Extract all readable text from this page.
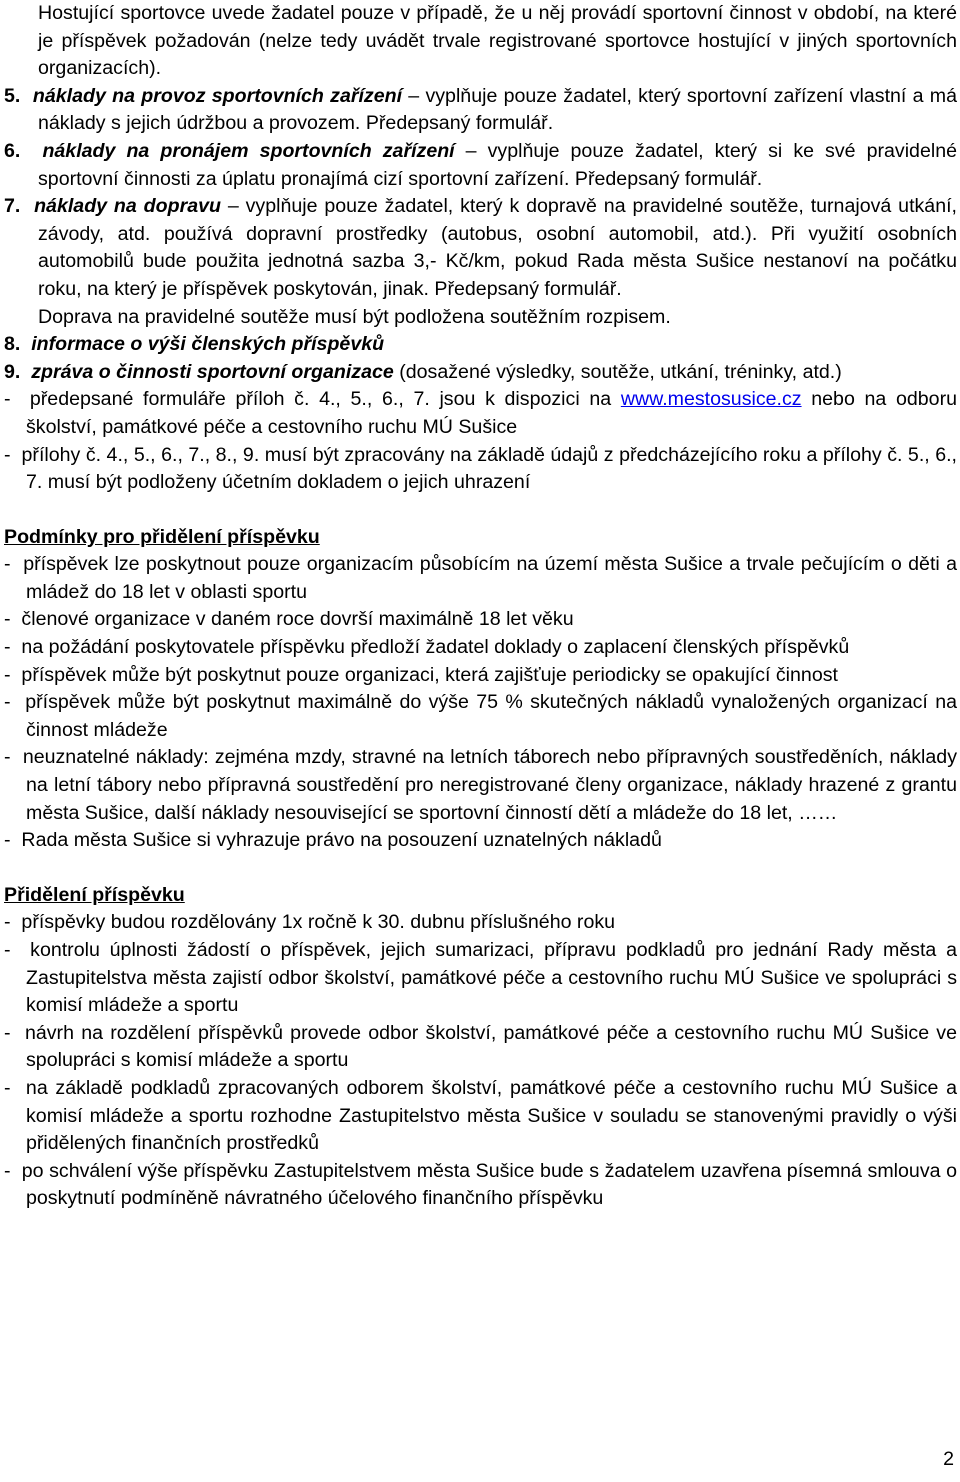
Hostující sportovce uvede žadatel pouze v případě, že u něj provádí sportovní činnost v období, na které je příspěvek požadován (nelze tedy uvádět trvale registrované sportovce hostující v jiných sportovních organizacích).

5. náklady na provoz sportovních zařízení – vyplňuje pouze žadatel, který sportovní zařízení vlastní a má náklady s jejich údržbou a provozem. Předepsaný formulář.

6. náklady na pronájem sportovních zařízení – vyplňuje pouze žadatel, který si ke své pravidelné sportovní činnosti za úplatu pronajímá cizí sportovní zařízení. Předepsaný formulář.

7. náklady na dopravu – vyplňuje pouze žadatel, který k dopravě na pravidelné soutěže, turnajová utkání, závody, atd. používá dopravní prostředky (autobus, osobní automobil, atd.). Při využití osobních automobilů bude použita jednotná sazba 3,- Kč/km, pokud Rada města Sušice nestanoví na počátku roku, na který je příspěvek poskytován, jinak. Předepsaný formulář.

Doprava na pravidelné soutěže musí být podložena soutěžním rozpisem.

8. informace o výši členských příspěvků

9. zpráva o činnosti sportovní organizace (dosažené výsledky, soutěže, utkání, tréninky, atd.)

-  předepsané formuláře příloh č. 4., 5., 6., 7. jsou k dispozici na www.mestosusice.cz nebo na odboru školství, památkové péče a cestovního ruchu MÚ Sušice

-  přílohy č. 4., 5., 6., 7., 8., 9. musí být zpracovány na základě údajů z předcházejícího roku a přílohy č. 5., 6., 7. musí být podloženy účetním dokladem o jejich uhrazení

Podmínky pro přidělení příspěvku

-  příspěvek lze poskytnout pouze organizacím působícím na území města Sušice a trvale pečujícím o děti a mládež do 18 let v oblasti sportu

-  členové organizace v daném roce dovrší maximálně 18 let věku

-  na požádání poskytovatele příspěvku předloží žadatel doklady o zaplacení členských příspěvků

-  příspěvek může být poskytnut pouze organizaci, která zajišťuje periodicky se opakující činnost

-  příspěvek může být poskytnut maximálně do výše 75 % skutečných nákladů vynaložených organizací na činnost mládeže

-  neuznatelné náklady: zejména mzdy, stravné na letních táborech nebo přípravných soustředěních, náklady na letní tábory nebo přípravná soustředění pro neregistrované členy organizace, náklady hrazené z grantu města Sušice, další náklady nesouvisející se sportovní činností dětí a mládeže do 18 let, ……

-  Rada města Sušice si vyhrazuje právo na posouzení uznatelných nákladů

Přidělení příspěvku

-  příspěvky budou rozdělovány 1x ročně k 30. dubnu příslušného roku

-  kontrolu úplnosti žádostí o příspěvek, jejich sumarizaci, přípravu podkladů pro jednání Rady města a Zastupitelstva města zajistí odbor školství, památkové péče a cestovního ruchu MÚ Sušice ve spolupráci s komisí mládeže a sportu

-  návrh na rozdělení příspěvků provede odbor školství, památkové péče a cestovního ruchu MÚ Sušice ve spolupráci s komisí mládeže a sportu

-  na základě podkladů zpracovaných odborem školství, památkové péče a cestovního ruchu MÚ Sušice a komisí mládeže a sportu rozhodne Zastupitelstvo města Sušice v souladu se stanovenými pravidly o výši přidělených finančních prostředků

-  po schválení výše příspěvku Zastupitelstvem města Sušice bude s žadatelem uzavřena písemná smlouva o poskytnutí podmíněně návratného účelového finančního příspěvku

2
